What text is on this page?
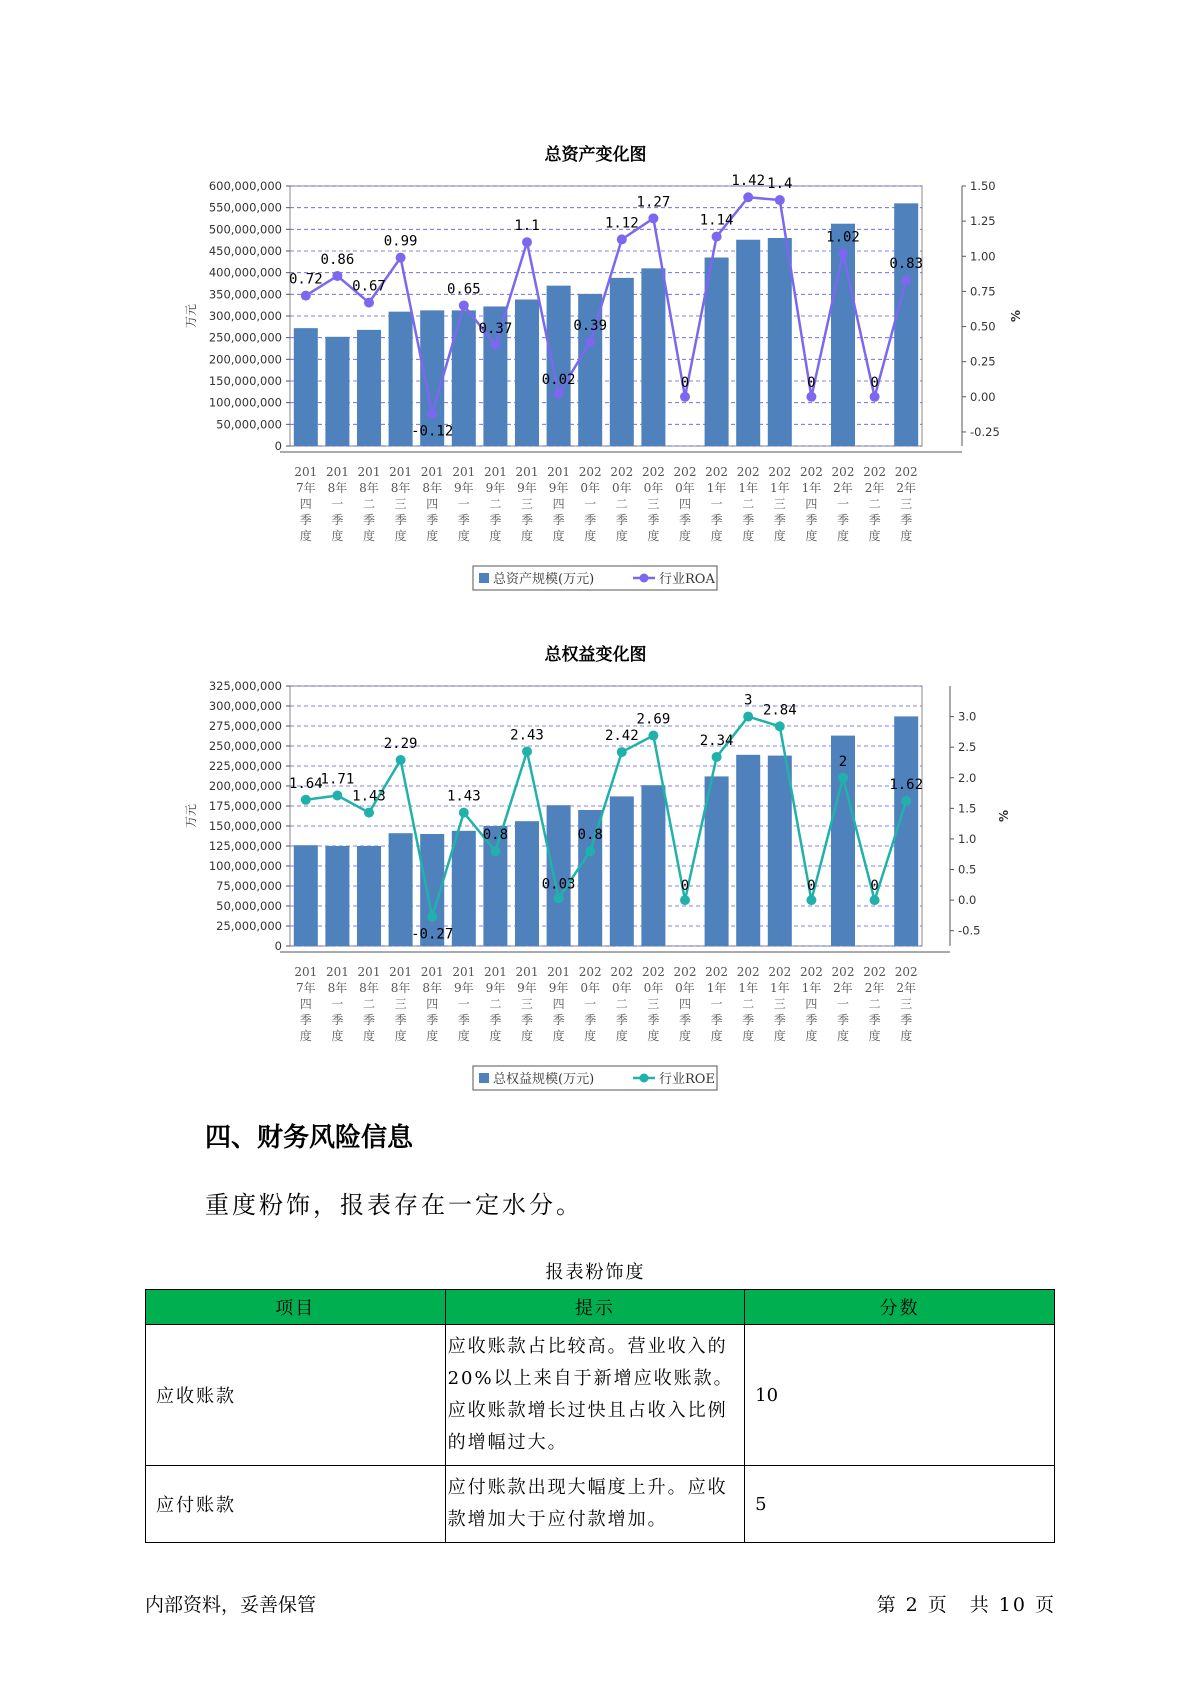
总资产变化图
600,000,000
550,000,000
500,000,000
450,000,000
400,000,000
350,000,000
300,000,000
250,000,000
200,000,000
150,000,000
100,000,000
50,000,000
0
万元
1.50
1.25
1.00
0.75
0.50
0.25
0.00
-0.25
%
201
7年
四
季
度
201
8年
一
季
度
201
8年
二
季
度
201
8年
三
季
度
201
8年
四
季
度
201
9年
一
季
度
201
9年
二
季
度
201
9年
三
季
度
201
9年
四
季
度
202
0年
一
季
度
202
0年
二
季
度
202
0年
三
季
度
202
0年
四
季
度
202
1年
一
季
度
202
1年
二
季
度
202
1年
三
季
度
202
1年
四
季
度
202
2年
一
季
度
202
2年
二
季
度
202
2年
三
季
度
0.72
0.86
0.67
0.99
-0.12
0.65
0.37
1.1
0.02
0.39
1.12
1.27
0
1.14
1.42 1.4
0
1.02
0
0.83
总资产规模(万元)	行业ROA
总权益变化图
325,000,000
300,000,000
275,000,000
250,000,000
225,000,000
200,000,000
175,000,000
150,000,000
125,000,000
100,000,000
75,000,000
50,000,000
25,000,000
0
万元
3.0
2.5
2.0
1.5
1.0
0.5
0.0
-0.5
%
201
7年
四
季
度
201
8年
一
季
度
201
8年
二
季
度
201
8年
三
季
度
201
8年
四
季
度
201
9年
一
季
度
201
9年
二
季
度
201
9年
三
季
度
201
9年
四
季
度
202
0年
一
季
度
202
0年
二
季
度
202
0年
三
季
度
202
0年
四
季
度
202
1年
一
季
度
202
1年
二
季
度
202
1年
三
季
度
202
1年
四
季
度
202
2年
一
季
度
202
2年
二
季
度
202
2年
三
季
度
1.64
1.71
1.43
2.29
-0.27
1.43
0.8
2.43
0.03
0.8
2.42
2.69
0
2.34
3
2.84
0
2
0
1.62
总权益规模(万元)	行业ROE
四、财务风险信息
重度粉饰，报表存在一定水分。
报表粉饰度
项目	提示	分数
应收账款	应收账款占比较高。营业收入的20%以上来自于新增应收账款。应收账款增长过快且占收入比例的增幅过大。	10
应付账款	应付账款出现大幅度上升。应收款增加大于应付款增加。	5
内部资料，妥善保管	第 2 页　共 10 页
